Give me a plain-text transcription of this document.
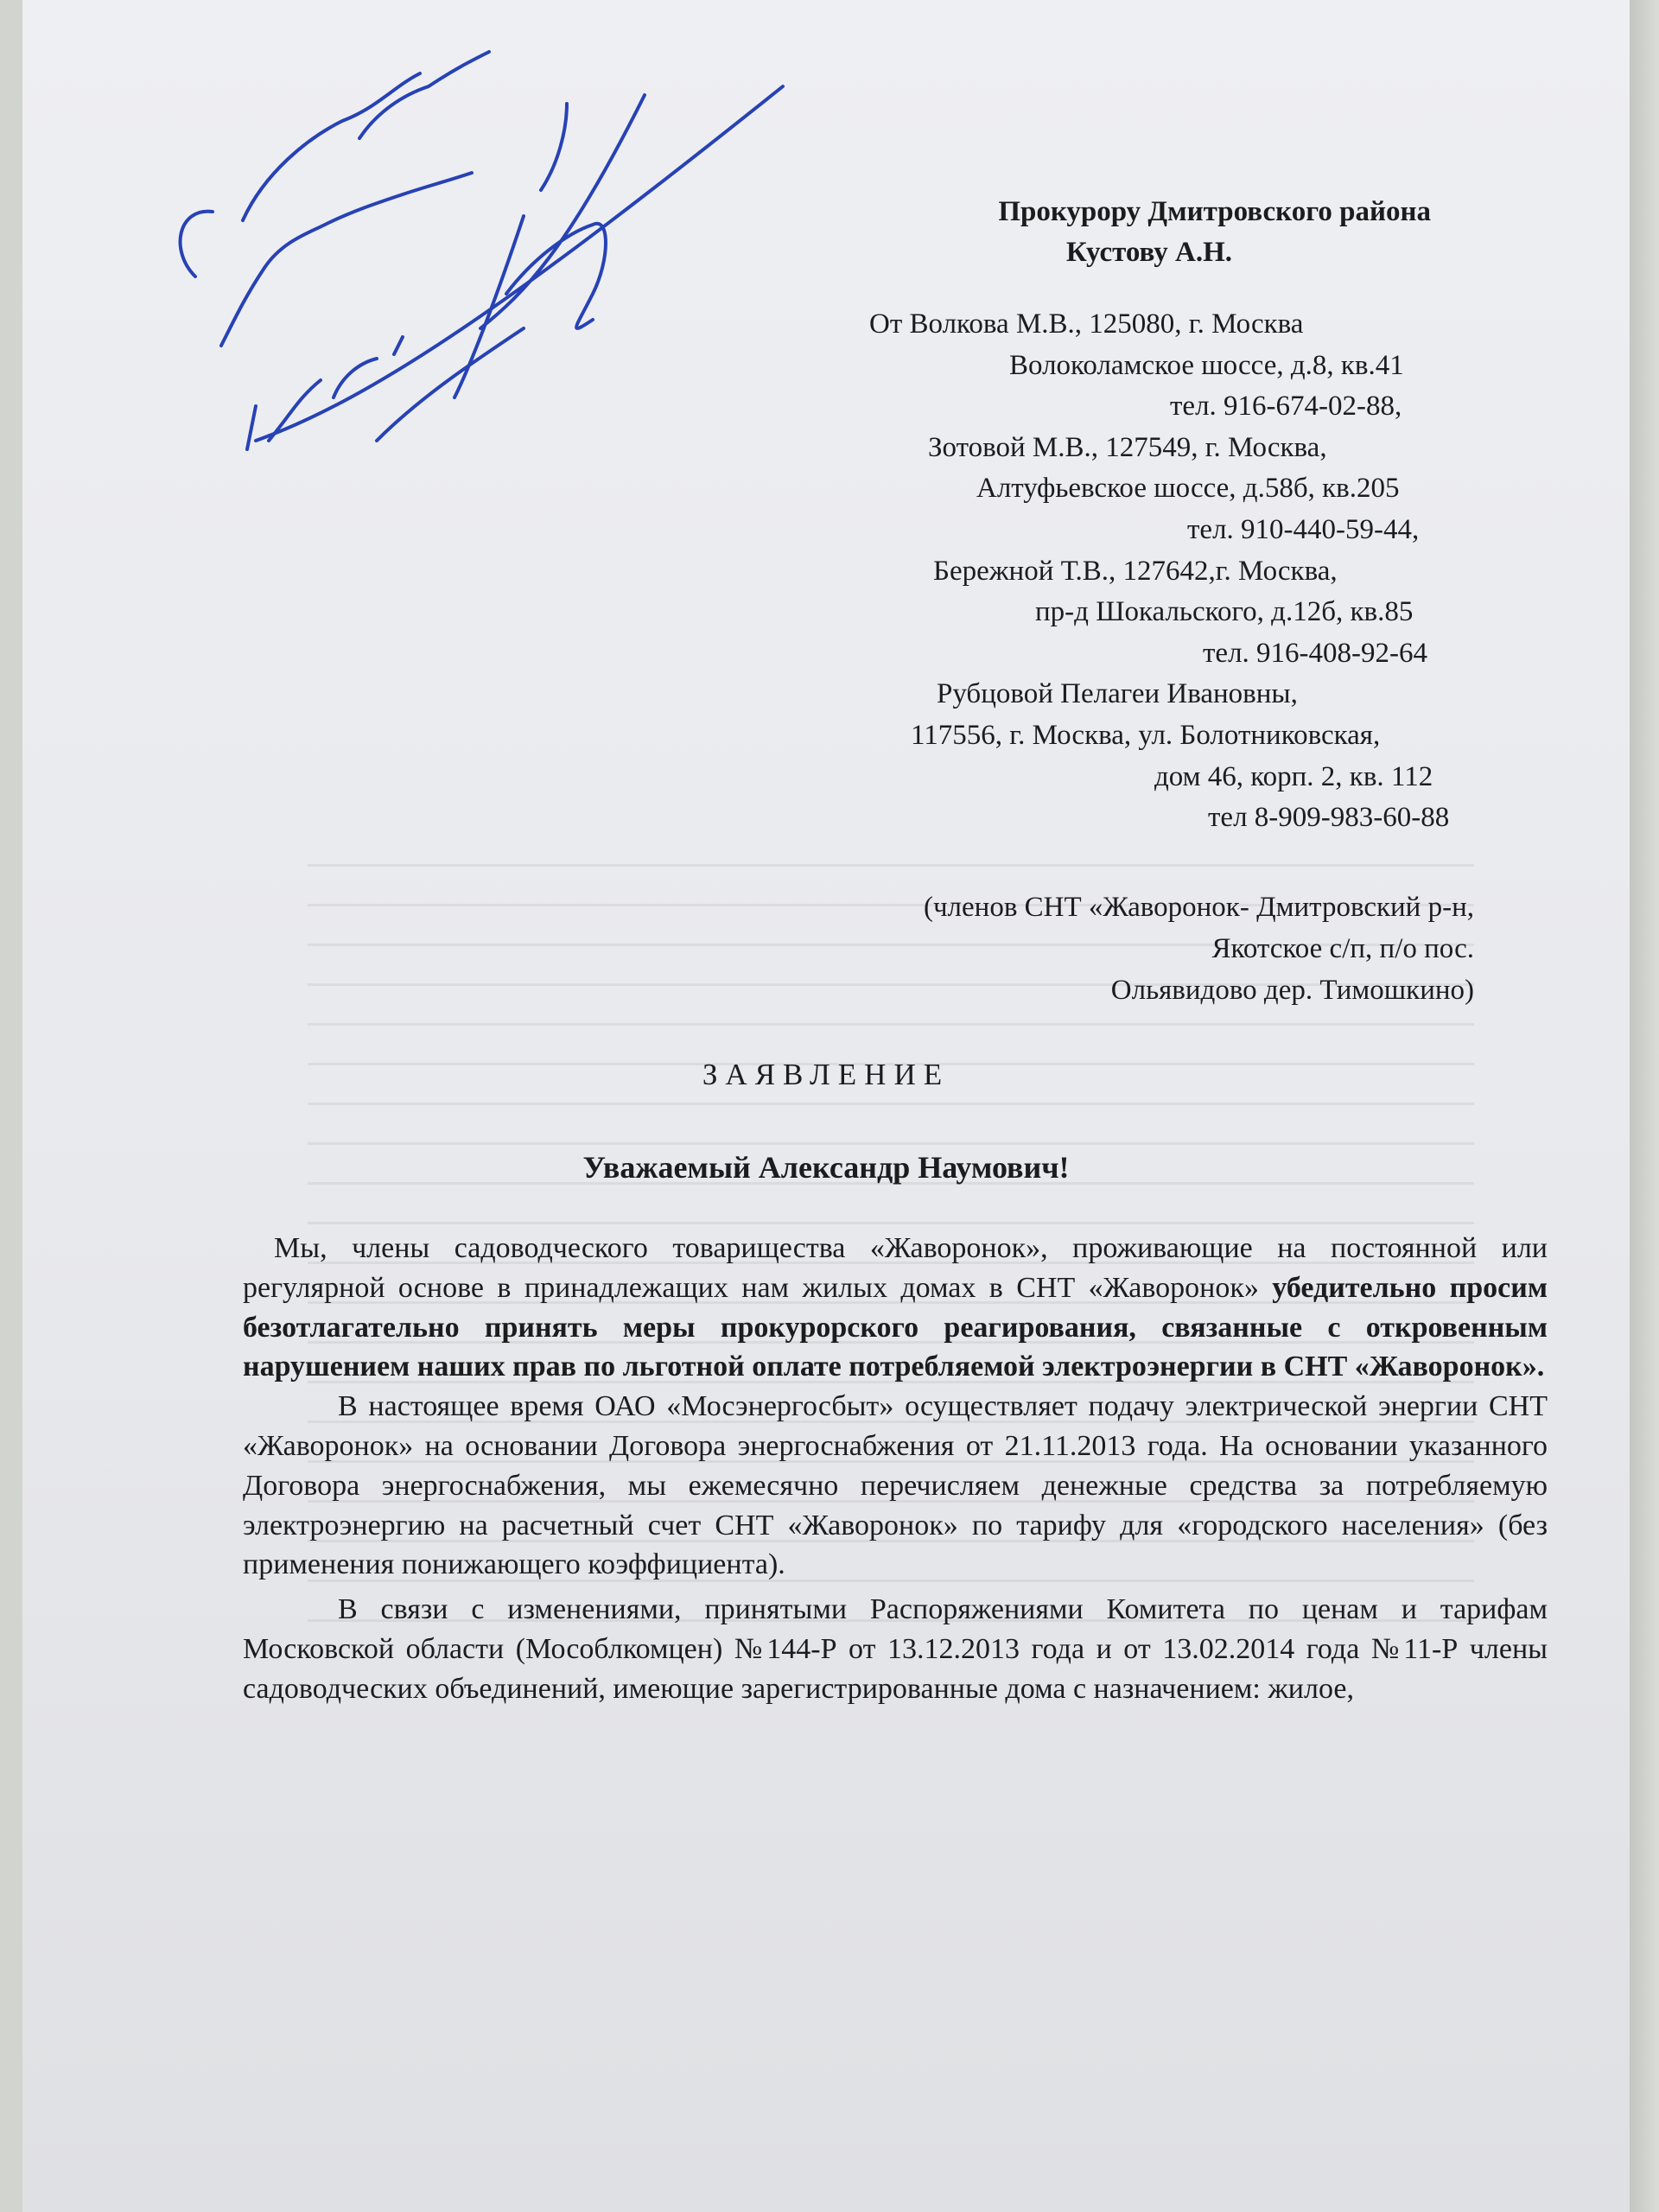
С личного

Прокурору Дмитровского района

Кустову А.Н.

От Волкова М.В., 125080, г. Москва

Волоколамское шоссе, д.8, кв.41

тел. 916-674-02-88,

Зотовой М.В., 127549, г. Москва,

Алтуфьевское шоссе, д.58б, кв.205

тел. 910-440-59-44,

Бережной Т.В., 127642,г. Москва,

пр-д Шокальского, д.12б, кв.85

тел. 916-408-92-64

Рубцовой Пелагеи Ивановны,

117556, г. Москва, ул. Болотниковская,

дом 46, корп. 2, кв. 112

тел 8-909-983-60-88

(членов СНТ «Жаворонок- Дмитровский р-н,

Якотское с/п, п/о пос.

Ольявидово дер. Тимошкино)

ЗАЯВЛЕНИЕ
Уважаемый Александр Наумович!

Мы, члены садоводческого товарищества «Жаворонок», проживающие на постоянной или регулярной основе в принадлежащих нам жилых домах в СНТ «Жаворонок» убедительно просим безотлагательно принять меры прокурорского реагирования, связанные с откровенным нарушением наших прав по льготной оплате потребляемой электроэнергии в СНТ «Жаворонок».

В настоящее время ОАО «Мосэнергосбыт» осуществляет подачу электрической энергии СНТ «Жаворонок» на основании Договора энергоснабжения от 21.11.2013 года. На основании указанного Договора энергоснабжения, мы ежемесячно перечисляем денежные средства за потребляемую электроэнергию на расчетный счет СНТ «Жаворонок» по тарифу для «городского населения» (без применения понижающего коэффициента).

В связи с изменениями, принятыми Распоряжениями Комитета по ценам и тарифам Московской области (Мособлкомцен) №144-Р от 13.12.2013 года и от 13.02.2014 года №11-Р члены садоводческих объединений, имеющие зарегистрированные дома с назначением: жилое,
